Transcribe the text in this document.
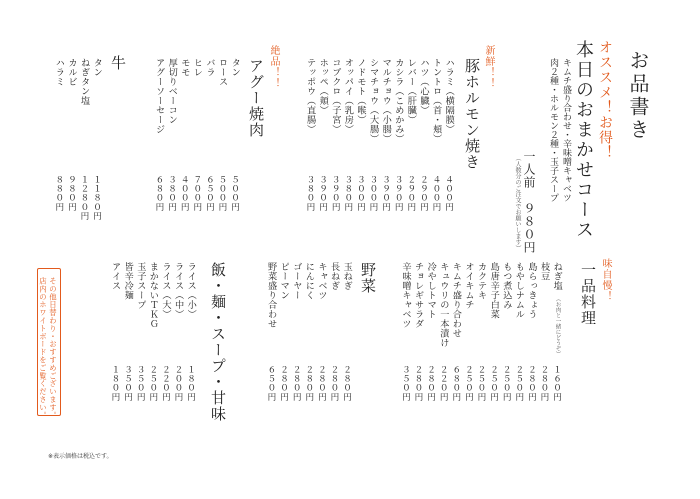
お品書き
オススメ！お得！
本日のおまかせコース
キムチ盛り合わせ・辛味噌キャベツ
肉２種・ホルモン２種・玉子スープ
一人前　９８０円
（人数分のご注文でお願いします）
味自慢！
一品料理
ねぎ塩
（お肉と一緒にどうぞ）
１６０円
枝豆
２８０円
島らっきょう
２８０円
もやしナムル
２５０円
もつ煮込み
２５０円
島唐辛子白菜
２５０円
カクテキ
２５０円
オイキムチ
２５０円
キムチ盛り合わせ
６８０円
キュウリの一本漬け
２２０円
冷やしトマト
２８０円
チョレギサラダ
２８０円
辛味噌キャベツ
３５０円
新鮮！！
豚ホルモン焼き
ハラミ（横隔膜）
４００円
トントロ（首・頬）
４００円
ハツ（心臓）
２９０円
レバー（肝臓）
２９０円
カシラ（こめかみ）
３９０円
マルチョウ（小腸）
３９０円
シマチョウ（大腸）
３００円
ノドモト（喉）
３００円
オッパイ（乳房）
３８０円
コブクロ（子宮）
３９０円
ホッペ（頬）
３９０円
テッポウ（直腸）
３８０円
絶品！！
アグー焼肉
タン
５００円
ロース
５００円
バラ
６５０円
ヒレ
７００円
モモ
４００円
厚切りベーコン
３８０円
アグーソーセージ
６８０円
牛
タン
１１８０円
ねぎタン塩
１２８０円
カルビ
９８０円
ハラミ
８８０円
野菜
玉ねぎ
２８０円
長ねぎ
２８０円
キャベツ
２８０円
にんにく
２８０円
ゴーヤー
２８０円
ピーマン
２８０円
野菜盛り合わせ
６５０円
飯・麺・スープ・甘味
ライス（小）
１８０円
ライス（中）
２００円
ライス（大）
２２０円
まかないＴＫＧ
２５０円
玉子スープ
３５０円
皆辛冷麺
３５０円
アイス
１８０円
その他日替わり・おすすめございます。
店内のホワイトボードをご覧ください。
※表示価格は税込です。
